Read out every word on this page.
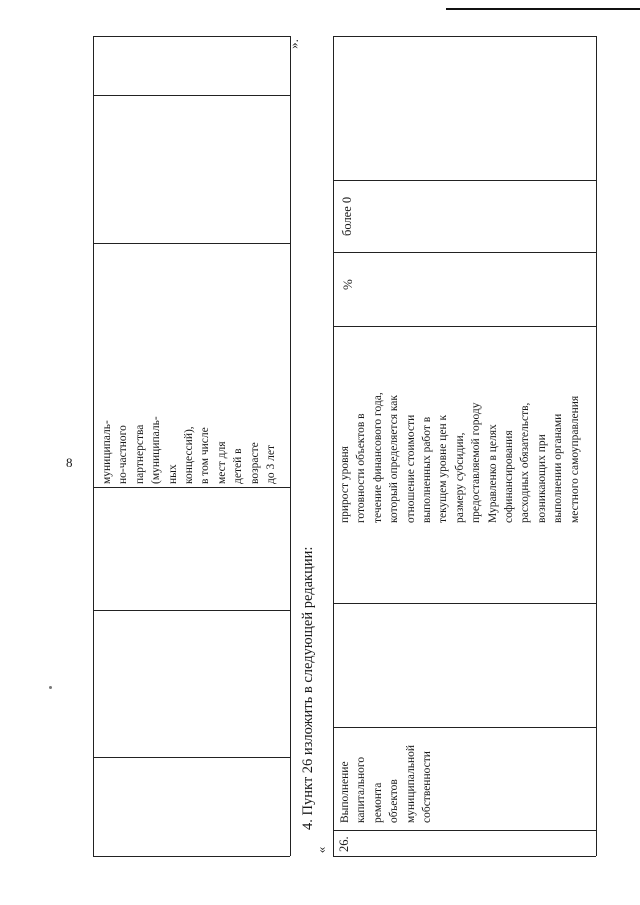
8 муниципаль- но-частного партнерства (муниципаль- ных концессий), в том числе мест для детей в возрасте до 3 лет
».
4. Пункт 26 изложить в следующей редакции:
« 26.
Выполнение капитального ремонта объектов муниципальной собственности
прирост уровня готовности объектов в течение финансового года, который определяется как отношение стоимости выполненных работ в текущем уровне цен к размеру субсидии, предоставляемой городу Муравленко в целях софинансирования расходных обязательств, возникающих при выполнении органами местного самоуправления
%
более 0
